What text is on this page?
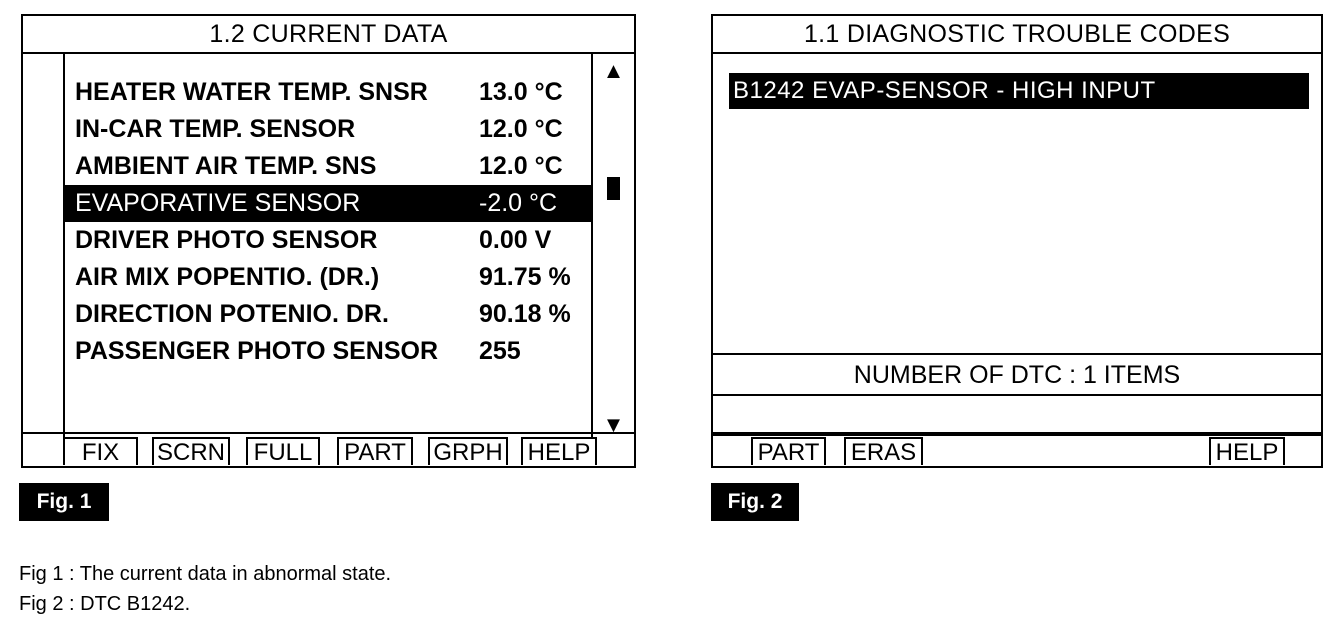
1.2 CURRENT DATA
HEATER WATER TEMP. SNSR 13.0 °C
IN-CAR TEMP. SENSOR	12.0 °C
AMBIENT AIR TEMP. SNS	12.0 °C
EVAPORATIVE SENSOR	-2.0 °C
DRIVER PHOTO SENSOR	0.00 V
AIR MIX POPENTIO. (DR.)	91.75 %
DIRECTION POTENIO. DR.	90.18 %
PASSENGER PHOTO SENSOR 255
▲
▼
FIX	SCRN	FULL	PART GRPH HELP
1.1 DIAGNOSTIC TROUBLE CODES
B1242 EVAP-SENSOR - HIGH INPUT
NUMBER OF DTC : 1 ITEMS
PART ERAS	HELP
Fig. 1	Fig. 2
Fig 1 : The current data in abnormal state.
Fig 2 : DTC B1242.
